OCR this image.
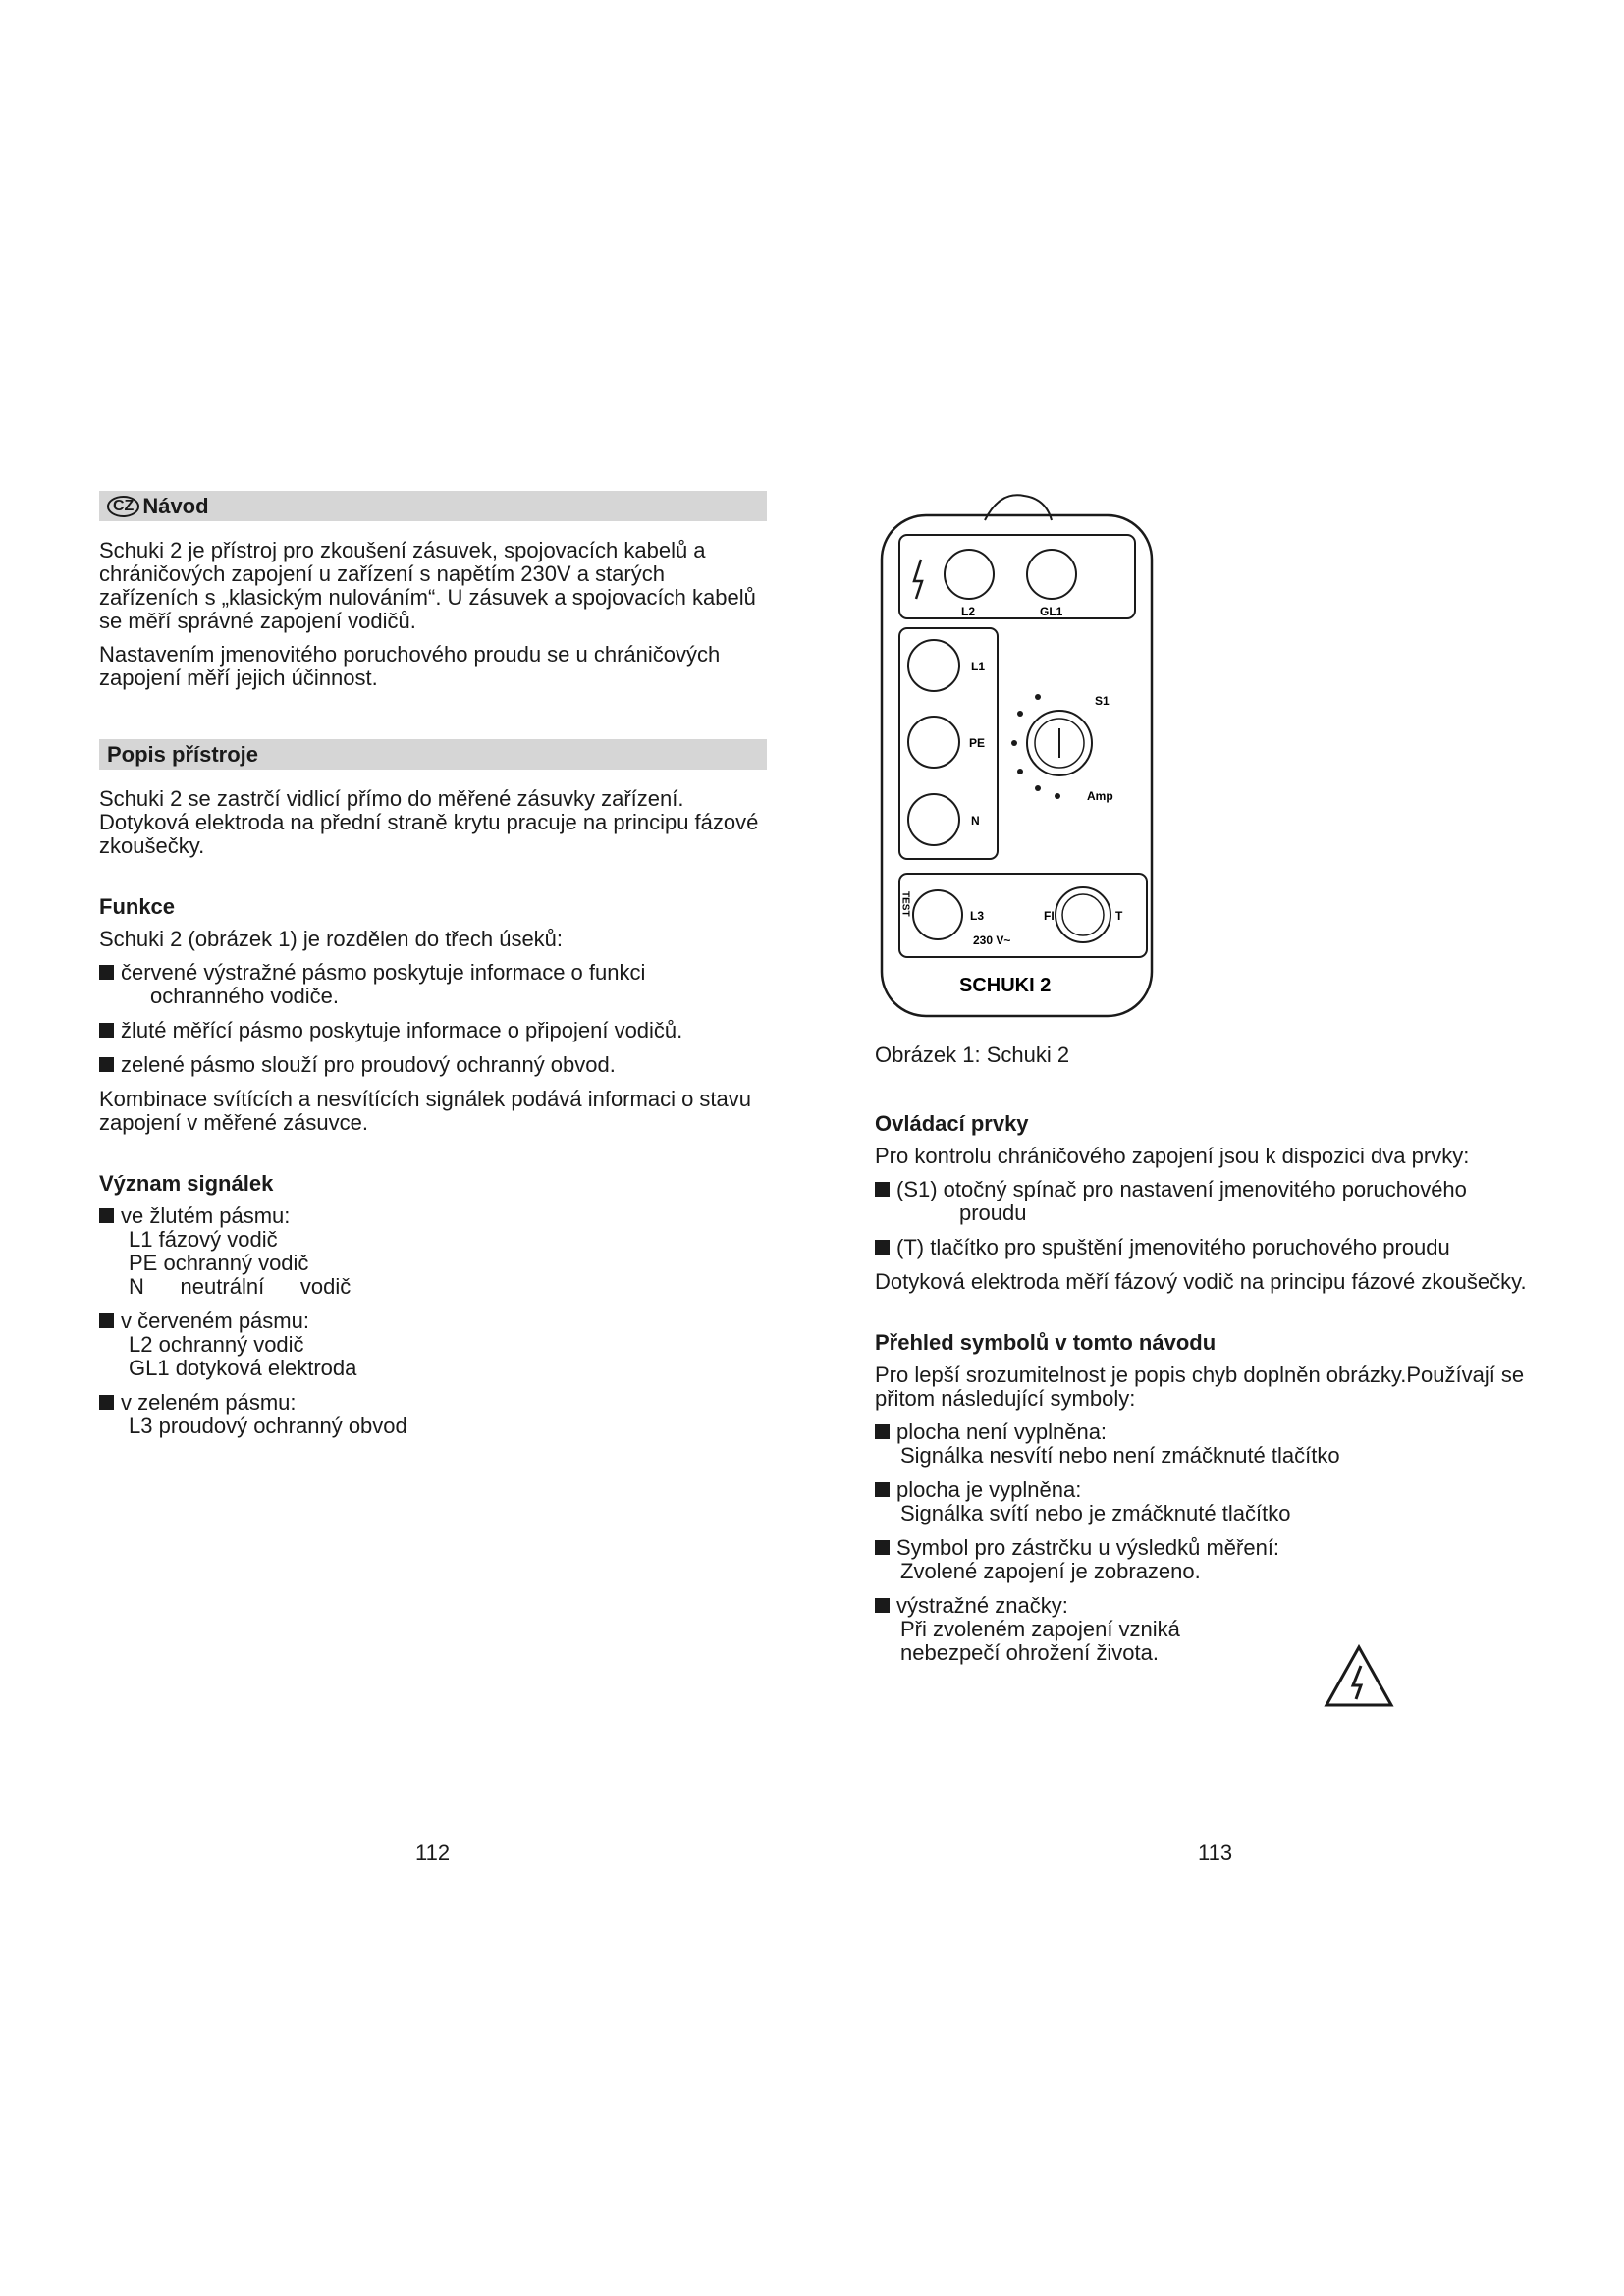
CZ Návod

Schuki 2 je přístroj pro zkoušení zásuvek, spojovacích kabelů a chráničových zapojení u zařízení s napětím 230V a starých zařízeních s „klasickým nulováním“. U zásuvek a spojovacích kabelů se měří správné zapojení vodičů.

Nastavením jmenovitého poruchového proudu se u chráničových zapojení měří jejich účinnost.

Popis přístroje

Schuki 2 se zastrčí vidlicí přímo do měřené zásuvky zařízení. Dotyková elektroda na přední straně krytu pracuje na principu fázové zkoušečky.

Funkce

Schuki 2 (obrázek 1) je rozdělen do třech úseků:

červené výstražné pásmo poskytuje informace o funkci
ochranného vodiče.
žluté měřící pásmo poskytuje informace o připojení vodičů.
zelené pásmo slouží pro proudový ochranný obvod.

Kombinace svítících a nesvítících signálek podává informaci o stavu zapojení v měřené zásuvce.

Význam signálek
ve žlutém pásmu:
L1 fázový vodič
PE ochranný vodič
N      neutrální      vodič
v červeném pásmu:
L2 ochranný vodič
GL1 dotyková elektroda
v zeleném pásmu:
L3 proudový ochranný obvod
L2	GL1
L1
PE
N
S1
Amp
TEST	L3	FI	T
230 V~
SCHUKI 2
Obrázek 1: Schuki 2
Ovládací prvky

Pro kontrolu chráničového zapojení jsou k dispozici dva prvky:

(S1) otočný spínač pro nastavení jmenovitého poruchového
proudu
(T) tlačítko pro spuštění jmenovitého poruchového proudu

Dotyková elektroda měří fázový vodič na principu fázové zkoušečky.

Přehled symbolů v tomto návodu

Pro lepší srozumitelnost je popis chyb doplněn obrázky.Používají se přitom následující symboly:

plocha není vyplněna:
Signálka nesvítí nebo není zmáčknuté tlačítko
plocha je vyplněna:
Signálka svítí nebo je zmáčknuté tlačítko
Symbol pro zástrčku u výsledků měření:
Zvolené zapojení je zobrazeno.
výstražné značky:
Při zvoleném zapojení vzniká
nebezpečí ohrožení života.
112	113
